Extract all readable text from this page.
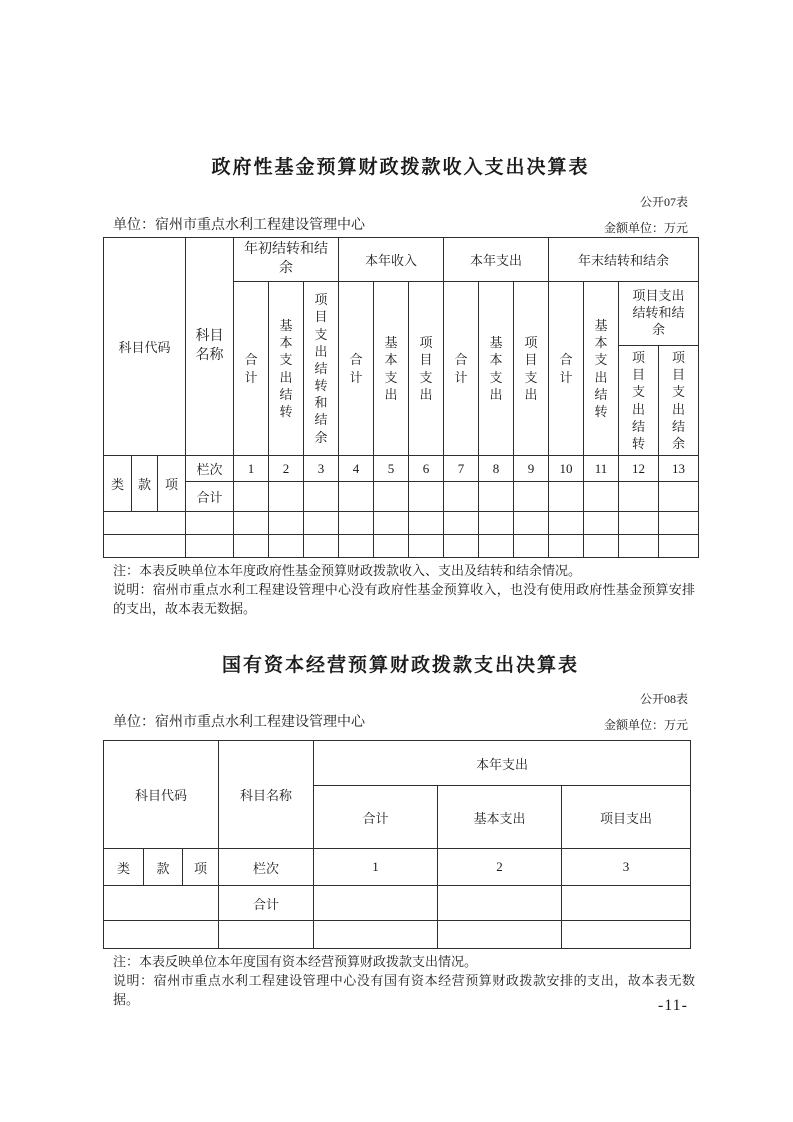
政府性基金预算财政拨款收入支出决算表
公开07表
单位：宿州市重点水利工程建设管理中心	金额单位：万元
科目代码			科目名称	年初结转和结余			本年收入			本年支出			年末结转和结余			
				合计	基本支出结转	项目支出结转和结余	合计	基本支出	项目支出	合计	基本支出	项目支出	合计	基本支出结转	项目支出结转和结余	
															项目支出结转	项目支出结余
类	款	项	栏次	1	2	3	4	5	6	7	8	9	10	11	12	13
			合计													

注：本表反映单位本年度政府性基金预算财政拨款收入、支出及结转和结余情况。
说明：宿州市重点水利工程建设管理中心没有政府性基金预算收入，也没有使用政府性基金预算安排的支出，故本表无数据。
国有资本经营预算财政拨款支出决算表
公开08表
单位：宿州市重点水利工程建设管理中心	金额单位：万元
科目代码			科目名称	本年支出		
				合计	基本支出	项目支出
类	款	项	栏次	1	2	3
			合计			

注：本表反映单位本年度国有资本经营预算财政拨款支出情况。
说明：宿州市重点水利工程建设管理中心没有国有资本经营预算财政拨款安排的支出，故本表无数据。	-11-
